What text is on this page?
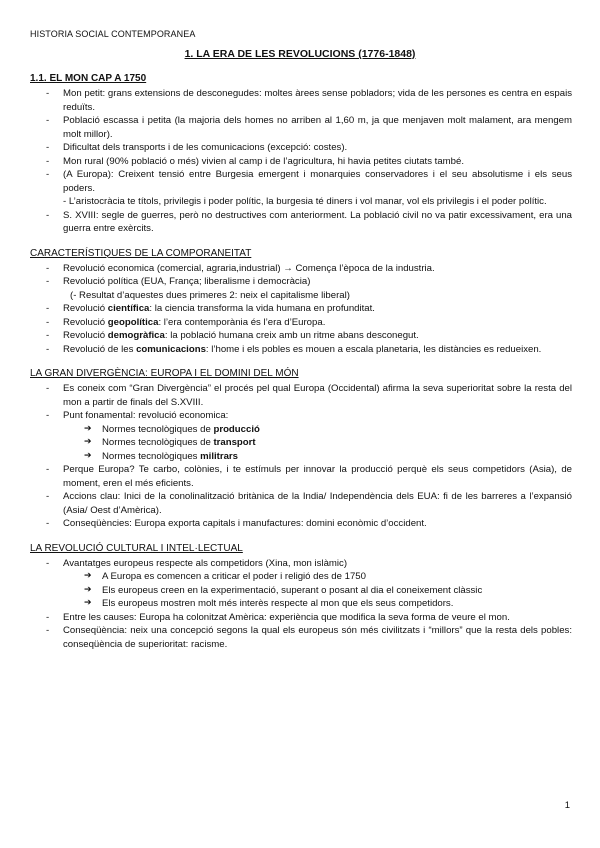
HISTORIA SOCIAL CONTEMPORANEA
1. LA ERA DE LES REVOLUCIONS (1776-1848)
1.1. EL MON CAP A 1750
- Mon petit: grans extensions de desconegudes: moltes àrees sense pobladors; vida de les persones es centra en espais reduïts.
- Població escassa i petita (la majoria dels homes no arriben al 1,60 m, ja que menjaven molt malament, ara mengem molt millor).
- Dificultat dels transports i de les comunicacions (excepció: costes).
- Mon rural (90% població o més) vivien al camp i de l’agricultura, hi havia petites ciutats també.
- (A Europa): Creixent tensió entre Burgesia emergent i monarquies conservadores i el seu absolutisme i els seus poders.
- L’aristocràcia te títols, privilegis i poder polític, la burgesia té diners i vol manar, vol els privilegis i el poder polític.
- S. XVIII: segle de guerres, però no destructives com anteriorment. La població civil no va patir excessivament, era una guerra entre exèrcits.
CARACTERÍSTIQUES DE LA COMPORANEITAT
- Revolució economica (comercial, agraria,industrial) → Comença l’època de la industria.
- Revolució política (EUA, França; liberalisme i democràcia)
(- Resultat d’aquestes dues primeres 2: neix el capitalisme liberal)
- Revolució científica: la ciencia transforma la vida humana en profunditat.
- Revolució geopolítica: l’era contemporània és l’era d’Europa.
- Revolució demogràfica: la població humana creix amb un ritme abans desconegut.
- Revolució de les comunicacions: l’home i els pobles es mouen a escala planetaria, les distàncies es redueixen.
LA GRAN DIVERGÈNCIA: EUROPA I EL DOMINI DEL MÓN
- Es coneix com “Gran Divergència” el procés pel qual Europa (Occidental) afirma la seva superioritat sobre la resta del mon a partir de finals del S.XVIII.
- Punt fonamental: revolució economica:
➔ Normes tecnològiques de producció
➔ Normes tecnològiques de transport
➔ Normes tecnològiques militrars
- Perque Europa? Te carbo, colònies, i te estímuls per innovar la producció perquè els seus competidors (Asia), de moment, eren el més eficients.
- Accions clau: Inici de la conolinalització britànica de la India/ Independència dels EUA: fi de les barreres a l’expansió (Asia/ Oest d’Amèrica).
- Conseqüències: Europa exporta capitals i manufactures: domini econòmic d’occident.
LA REVOLUCIÓ CULTURAL I INTEL·LECTUAL
- Avantatges europeus respecte als competidors (Xina, mon islàmic)
➔ A Europa es comencen a criticar el poder i religió des de 1750
➔ Els europeus creen en la experimentació, superant o posant al dia el coneixement clàssic
➔ Els europeus mostren molt més interès respecte al mon que els seus competidors.
- Entre les causes: Europa ha colonitzat Amèrica: experiència que modifica la seva forma de veure el mon.
- Conseqüència: neix una concepció segons la qual els europeus són més civilitzats i “millors” que la resta dels pobles: conseqüència de superioritat: racisme.
1
